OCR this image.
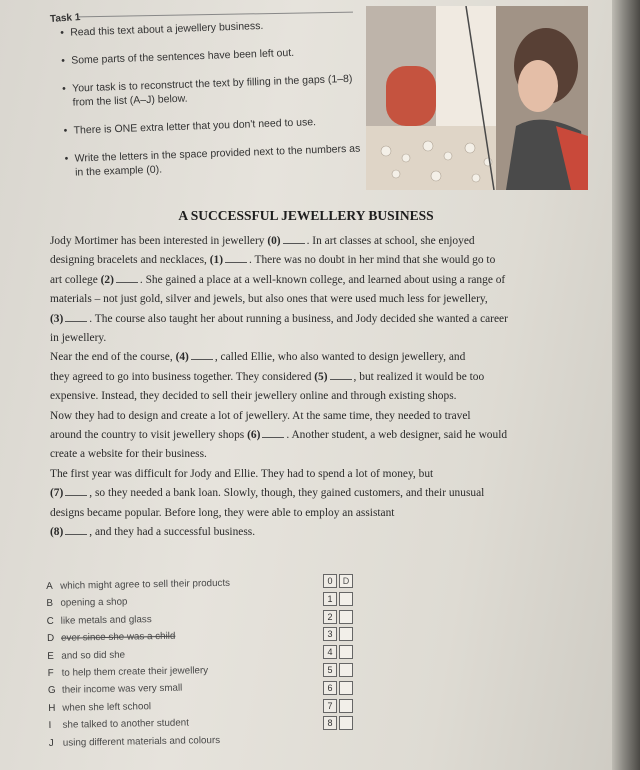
Task 1
• Read this text about a jewellery business.
• Some parts of the sentences have been left out.
• Your task is to reconstruct the text by filling in the gaps (1–8) from the list (A–J) below.
• There is ONE extra letter that you don't need to use.
• Write the letters in the space provided next to the numbers as in the example (0).
A SUCCESSFUL JEWELLERY BUSINESS
Jody Mortimer has been interested in jewellery (0) . In art classes at school, she enjoyed
designing bracelets and necklaces, (1) . There was no doubt in her mind that she would go to
art college (2) . She gained a place at a well-known college, and learned about using a range of
materials – not just gold, silver and jewels, but also ones that were used much less for jewellery,
(3) . The course also taught her about running a business, and Jody decided she wanted a career
in jewellery.
Near the end of the course, (4) , called Ellie, who also wanted to design jewellery, and
they agreed to go into business together. They considered (5) , but realized it would be too
expensive. Instead, they decided to sell their jewellery online and through existing shops.
Now they had to design and create a lot of jewellery. At the same time, they needed to travel
around the country to visit jewellery shops (6) . Another student, a web designer, said he would
create a website for their business.
The first year was difficult for Jody and Ellie. They had to spend a lot of money, but
(7) , so they needed a bank loan. Slowly, though, they gained customers, and their unusual
designs became popular. Before long, they were able to employ an assistant
(8) , and they had a successful business.
A which might agree to sell their products
B opening a shop
C like metals and glass
D ever since she was a child
E and so did she
F to help them create their jewellery
G their income was very small
H when she left school
I	she talked to another student
J using different materials and colours
0	D
1
2
3
4
5
6
7
8
